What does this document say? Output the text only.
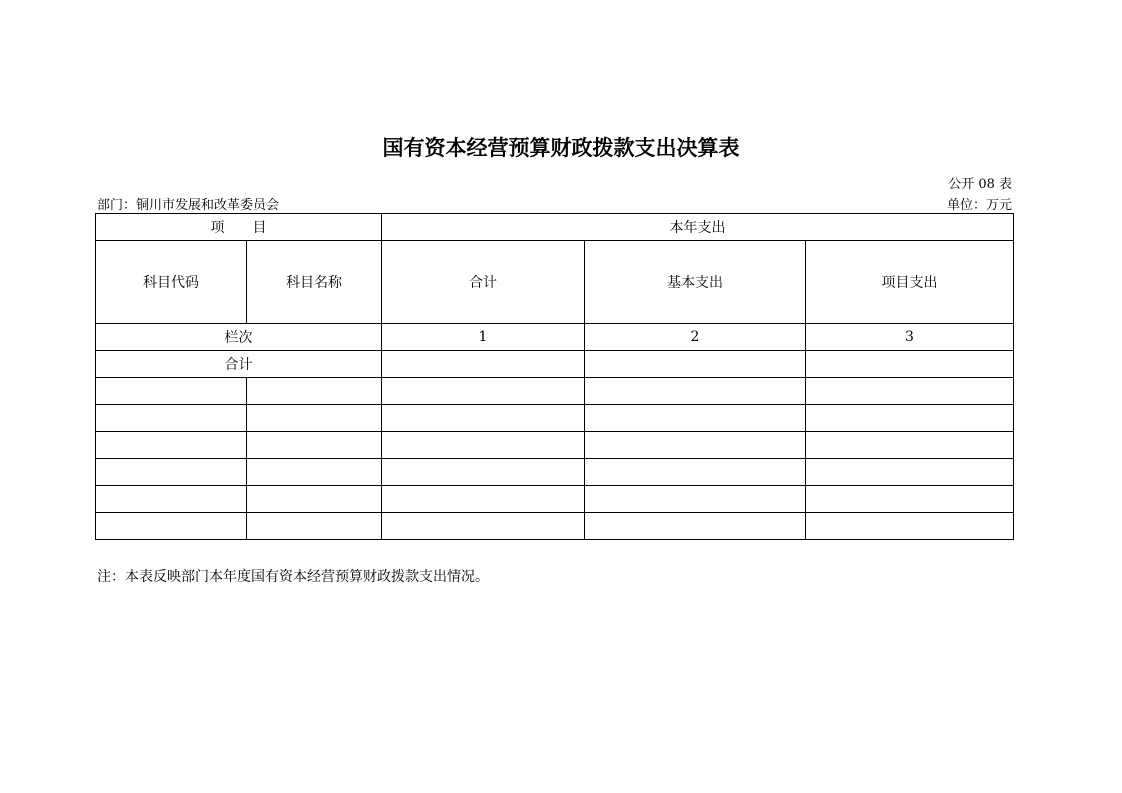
国有资本经营预算财政拨款支出决算表
公开 08 表
部门：铜川市发展和改革委员会	单位：万元
项　　目		本年支出		
科目代码	科目名称	合计	基本支出	项目支出
栏次		1	2	3
合计				

注：本表反映部门本年度国有资本经营预算财政拨款支出情况。
